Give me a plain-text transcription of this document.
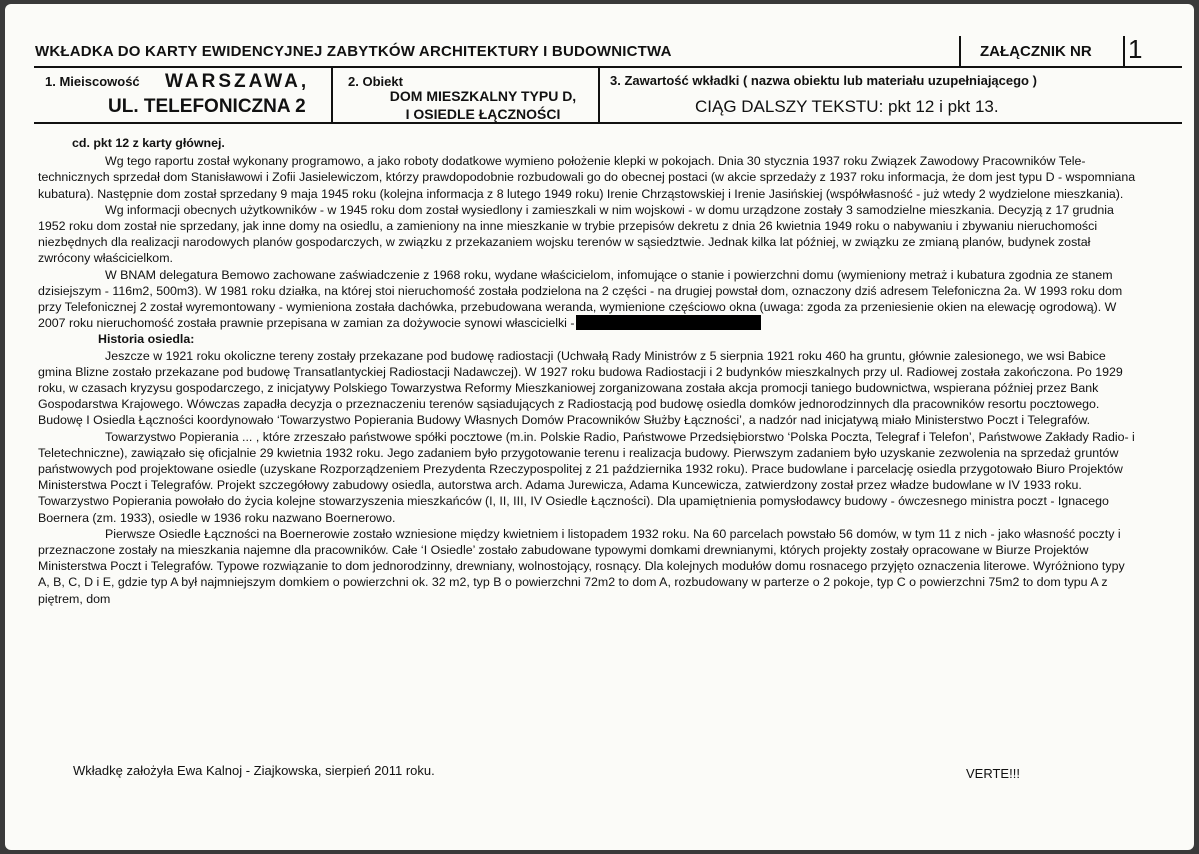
WKŁADKA DO KARTY EWIDENCYJNEJ ZABYTKÓW ARCHITEKTURY I BUDOWNICTWA	ZAŁĄCZNIK NR 1
1. Mieiscowość WARSZAWA,
UL. TELEFONICZNA 2
2. Obiekt
DOM MIESZKALNY TYPU D,
I OSIEDLE ŁĄCZNOŚCI
3. Zawartość wkładki ( nazwa obiektu lub materiału uzupełniającego )
CIĄG DALSZY TEKSTU: pkt 12 i pkt 13.

cd. pkt 12 z karty głównej.

Wg tego raportu został wykonany programowo, a jako roboty dodatkowe wymieno położenie klepki w pokojach. Dnia 30 stycznia 1937 roku Związek Zawodowy Pracowników Tele-technicznych sprzedał dom Stanisławowi i Zofii Jasielewiczom, którzy prawdopodobnie rozbudowali go do obecnej postaci (w akcie sprzedaży z 1937 roku informacja, że dom jest typu D - wspomniana kubatura). Następnie dom został sprzedany 9 maja 1945 roku (kolejna informacja z 8 lutego 1949 roku) Irenie Chrząstowskiej i Irenie Jasińskiej (współwłasność - już wtedy 2 wydzielone mieszkania).

Wg informacji obecnych użytkowników - w 1945 roku dom został wysiedlony i zamieszkali w nim wojskowi - w domu urządzone zostały 3 samodzielne mieszkania. Decyzją z 17 grudnia 1952 roku dom został nie sprzedany, jak inne domy na osiedlu, a zamieniony na inne mieszkanie w trybie przepisów dekretu z dnia 26 kwietnia 1949 roku o nabywaniu i zbywaniu nieruchomości niezbędnych dla realizacji narodowych planów gospodarczych, w związku z przekazaniem wojsku terenów w sąsiedztwie. Jednak kilka lat później, w związku ze zmianą planów, budynek został zwrócony właścicielkom.

W BNAM delegatura Bemowo zachowane zaświadczenie z 1968 roku, wydane właścicielom, infomujące o stanie i powierzchni domu (wymieniony metraż i kubatura zgodnia ze stanem dzisiejszym - 116m2, 500m3). W 1981 roku działka, na której stoi nieruchomość została podzielona na 2 części - na drugiej powstał dom, oznaczony dziś adresem Telefoniczna 2a. W 1993 roku dom przy Telefonicznej 2 został wyremontowany - wymieniona została dachówka, przebudowana weranda, wymienione częściowo okna (uwaga: zgoda za przeniesienie okien na elewację ogrodową). W 2007 roku nieruchomość została prawnie przepisana w zamian za dożywocie synowi włascicielki -

Historia osiedla:

Jeszcze w 1921 roku okoliczne tereny zostały przekazane pod budowę radiostacji (Uchwałą Rady Ministrów z 5 sierpnia 1921 roku 460 ha gruntu, głównie zalesionego, we wsi Babice gmina Blizne zostało przekazane pod budowę Transatlantyckiej Radiostacji Nadawczej). W 1927 roku budowa Radiostacji i 2 budynków mieszkalnych przy ul. Radiowej została zakończona. Po 1929 roku, w czasach kryzysu gospodarczego, z inicjatywy Polskiego Towarzystwa Reformy Mieszkaniowej zorganizowana została akcja promocji taniego budownictwa, wspierana później przez Bank Gospodarstwa Krajowego. Wówczas zapadła decyzja o przeznaczeniu terenów sąsiadujących z Radiostacją pod budowę osiedla domków jednorodzinnych dla pracowników resortu pocztowego. Budowę I Osiedla Łączności koordynowało ‘Towarzystwo Popierania Budowy Własnych Domów Pracowników Służby Łączności’, a nadzór nad inicjatywą miało Ministerstwo Poczt i Telegrafów.

Towarzystwo Popierania ... , które zrzeszało państwowe spółki pocztowe (m.in. Polskie Radio, Państwowe Przedsiębiorstwo ‘Polska Poczta, Telegraf i Telefon’, Państwowe Zakłady Radio- i Teletechniczne), zawiązało się oficjalnie 29 kwietnia 1932 roku. Jego zadaniem było przygotowanie terenu i realizacja budowy. Pierwszym zadaniem było uzyskanie zezwolenia na sprzedaż gruntów państwowych pod projektowane osiedle (uzyskane Rozporządzeniem Prezydenta Rzeczypospolitej z 21 października 1932 roku). Prace budowlane i parcelację osiedla przygotowało Biuro Projektów Ministerstwa Poczt i Telegrafów. Projekt szczegółowy zabudowy osiedla, autorstwa arch. Adama Jurewicza, Adama Kuncewicza, zatwierdzony został przez władze budowlane w IV 1933 roku. Towarzystwo Popierania powołało do życia kolejne stowarzyszenia mieszkańców (I, II, III, IV Osiedle Łączności). Dla upamiętnienia pomysłodawcy budowy - ówczesnego ministra poczt - Ignacego Boernera (zm. 1933), osiedle w 1936 roku nazwano Boernerowo.

Pierwsze Osiedle Łączności na Boernerowie zostało wzniesione między kwietniem i listopadem 1932 roku. Na 60 parcelach powstało 56 domów, w tym 11 z nich - jako własność poczty i przeznaczone zostały na mieszkania najemne dla pracowników. Całe ‘I Osiedle’ zostało zabudowane typowymi domkami drewnianymi, których projekty zostały opracowane w Biurze Projektów Ministerstwa Poczt i Telegrafów. Typowe rozwiązanie to dom jednorodzinny, drewniany, wolnostojący, rosnący. Dla kolejnych modułów domu rosnacego przyjęto oznaczenia literowe. Wyróżniono typy A, B, C, D i E, gdzie typ A był najmniejszym domkiem o powierzchni ok. 32 m2, typ B o powierzchni 72m2 to dom A, rozbudowany w parterze o 2 pokoje, typ C o powierzchni 75m2 to dom typu A z piętrem, dom

Wkładkę założyła Ewa Kalnoj - Ziajkowska, sierpień 2011 roku.	VERTE!!!
